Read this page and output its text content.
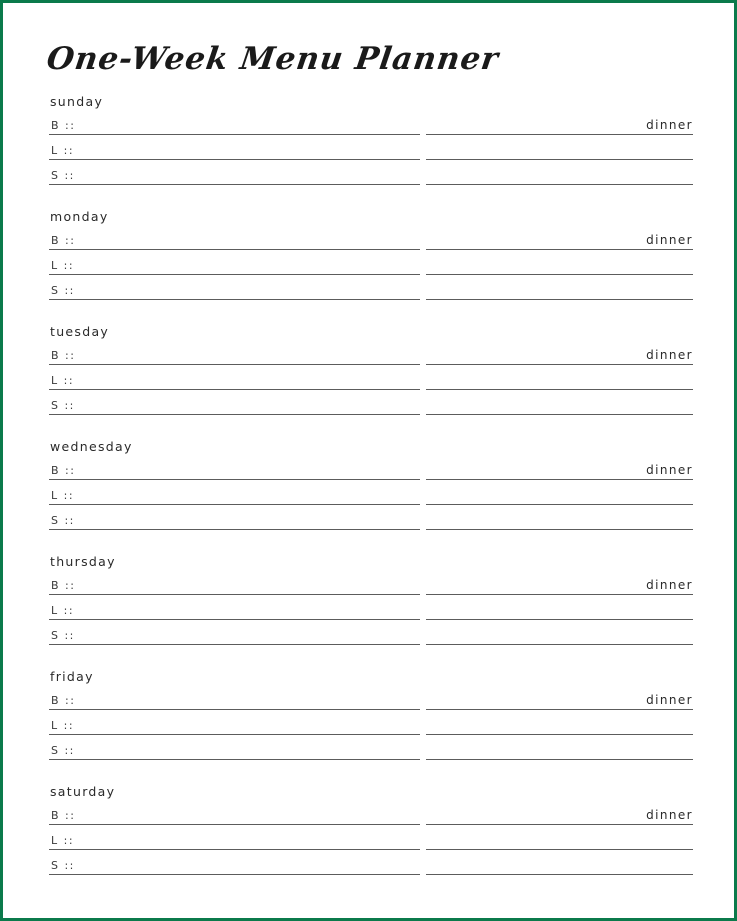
One-Week Menu Planner
sunday
B ::	dinner
L ::
S ::
monday
B ::	dinner
L ::
S ::
tuesday
B ::	dinner
L ::
S ::
wednesday
B ::	dinner
L ::
S ::
thursday
B ::	dinner
L ::
S ::
friday
B ::	dinner
L ::
S ::
saturday
B ::	dinner
L ::
S ::
